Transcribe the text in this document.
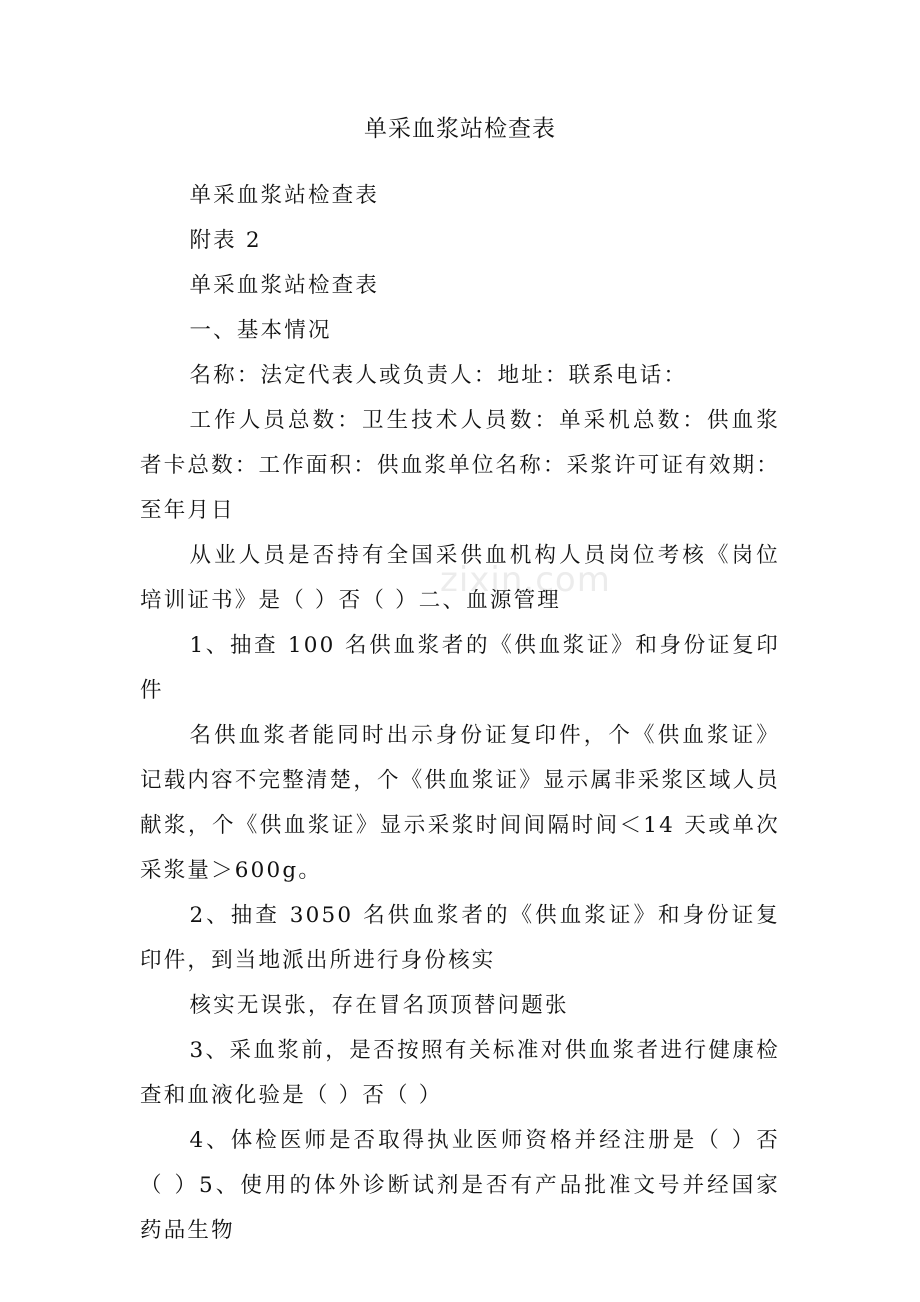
zixin.com
单采血浆站检查表

单采血浆站检查表

附表 2

单采血浆站检查表

一、基本情况

名称：法定代表人或负责人：地址：联系电话：

工作人员总数：卫生技术人员数：单采机总数：供血浆者卡总数：工作面积：供血浆单位名称：采浆许可证有效期：至年月日

从业人员是否持有全国采供血机构人员岗位考核《岗位培训证书》是（ ）否（ ）二、血源管理

1、抽查 100 名供血浆者的《供血浆证》和身份证复印件

名供血浆者能同时出示身份证复印件，个《供血浆证》记载内容不完整清楚，个《供血浆证》显示属非采浆区域人员献浆，个《供血浆证》显示采浆时间间隔时间＜14 天或单次采浆量＞600g。

2、抽查 3050 名供血浆者的《供血浆证》和身份证复印件，到当地派出所进行身份核实

核实无误张，存在冒名顶顶替问题张

3、采血浆前，是否按照有关标准对供血浆者进行健康检查和血液化验是（ ）否（ ）

4、体检医师是否取得执业医师资格并经注册是（ ）否（ ）5、使用的体外诊断试剂是否有产品批准文号并经国家药品生物
